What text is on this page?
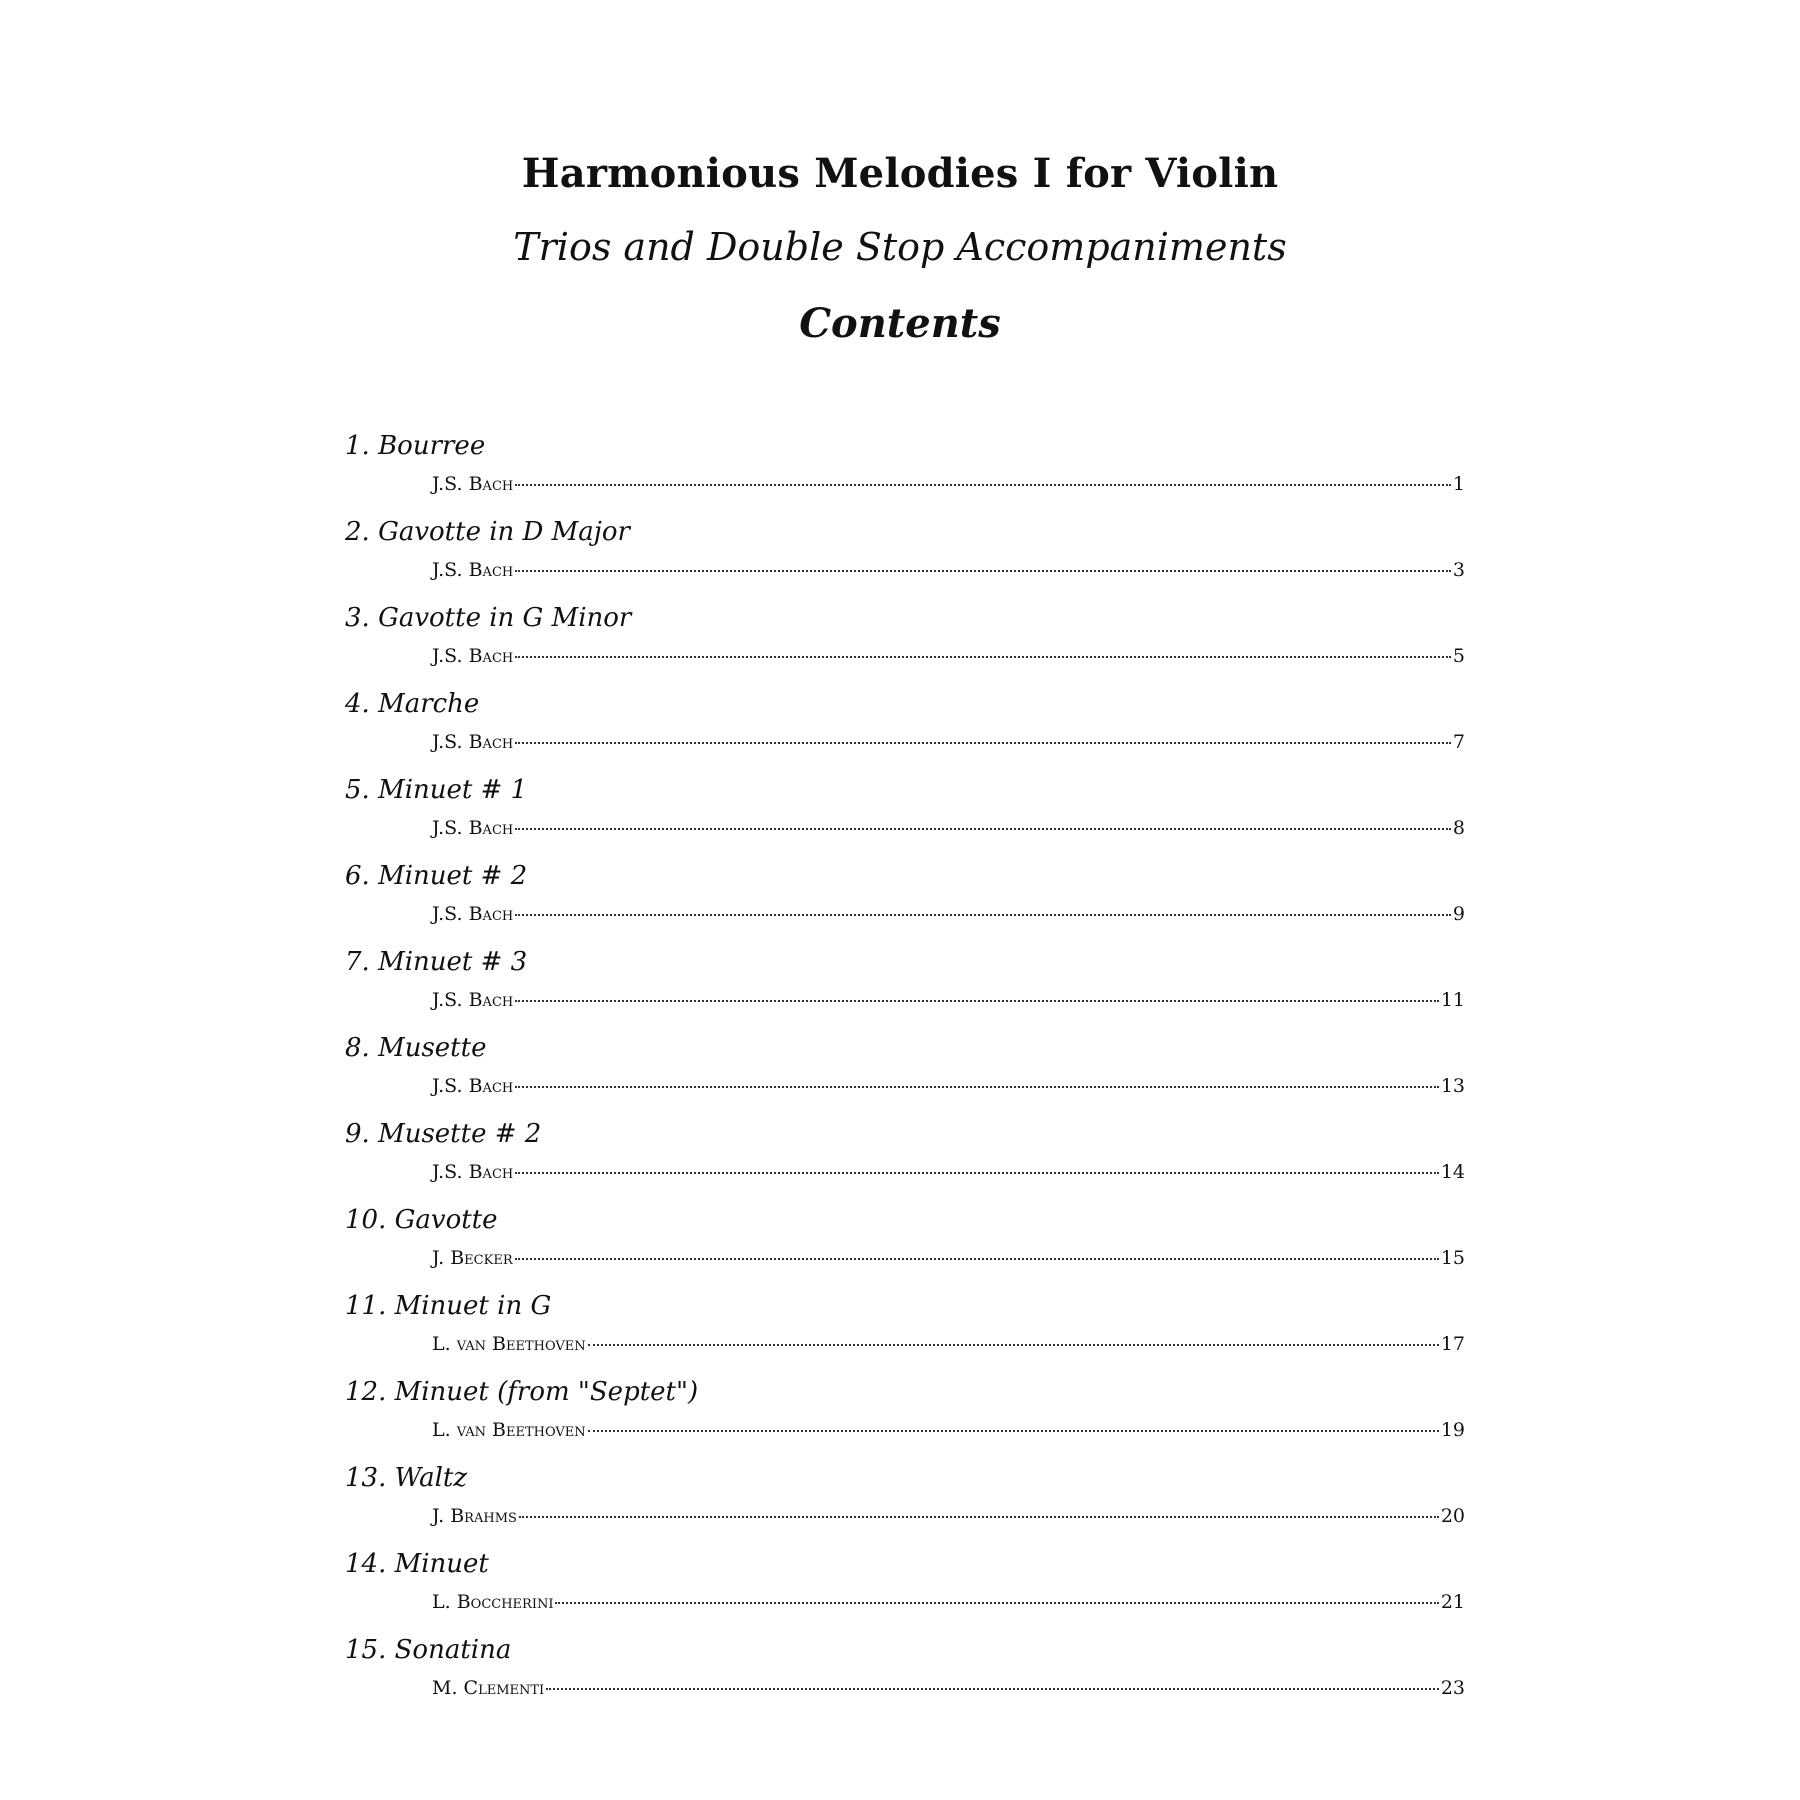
Harmonious Melodies I for Violin
Trios and Double Stop Accompaniments
Contents
1. Bourree
J.S. Bach	1
2. Gavotte in D Major
J.S. Bach	3
3. Gavotte in G Minor
J.S. Bach	5
4. Marche
J.S. Bach	7
5. Minuet # 1
J.S. Bach	8
6. Minuet # 2
J.S. Bach	9
7. Minuet # 3
J.S. Bach	11
8. Musette
J.S. Bach	13
9. Musette # 2
J.S. Bach	14
10. Gavotte
J. Becker	15
11. Minuet in G
L. van Beethoven	17
12. Minuet (from "Septet")
L. van Beethoven	19
13. Waltz
J. Brahms	20
14. Minuet
L. Boccherini	21
15. Sonatina
M. Clementi	23
